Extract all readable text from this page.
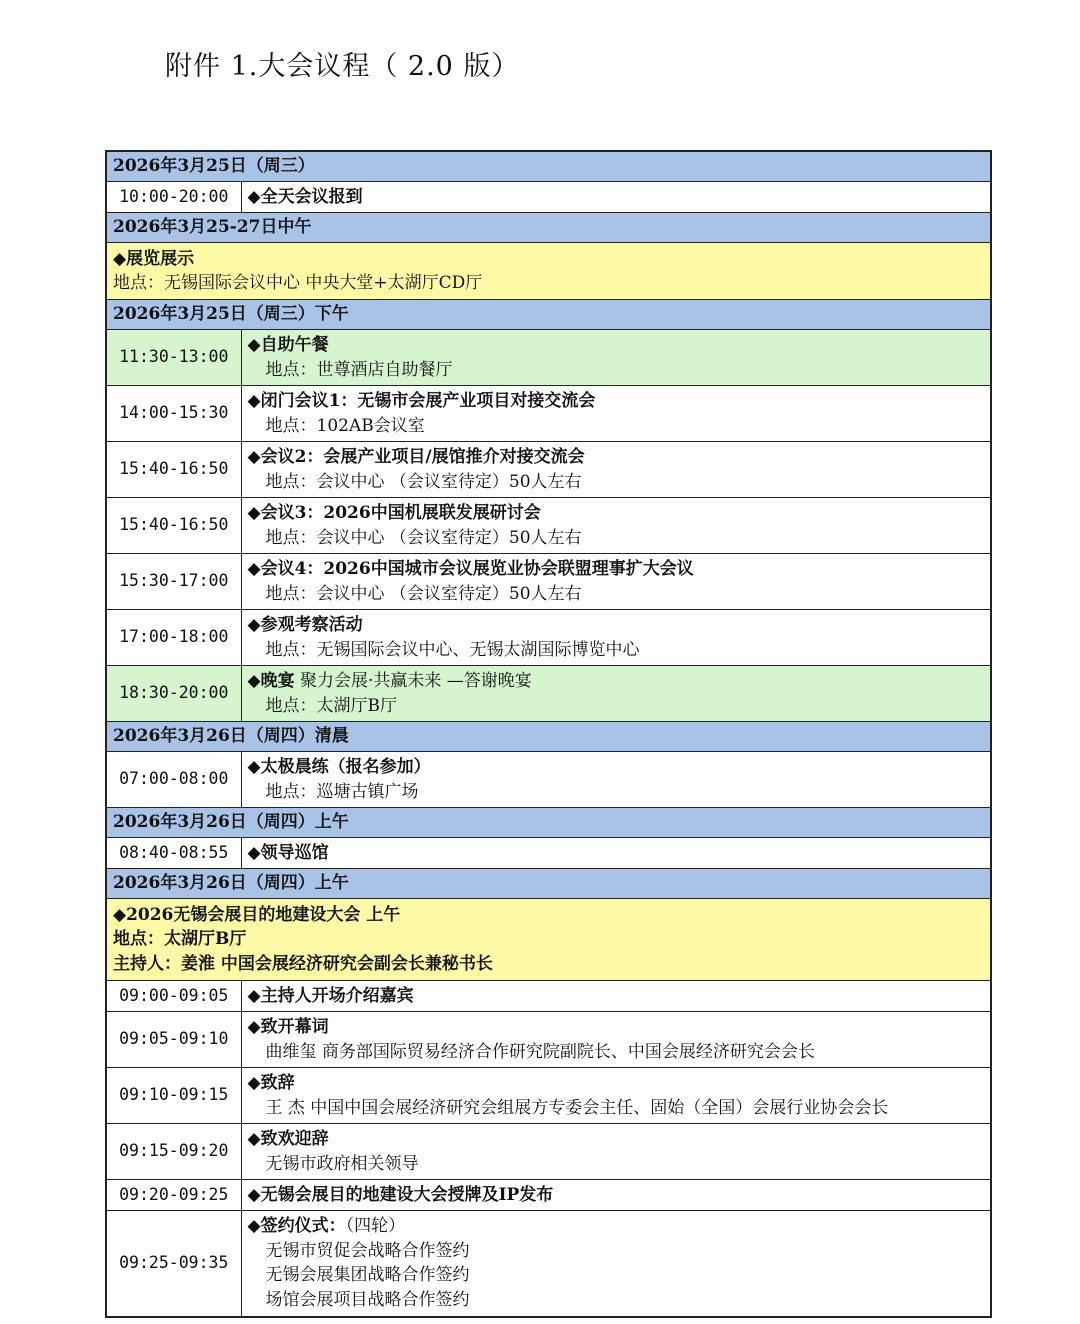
附件 1.大会议程（ 2.0 版）
2026年3月25日（周三）	
10:00-20:00	◆全天会议报到

2026年3月25-27日中午	

◆展览展示
地点：无锡国际会议中心 中央大堂+太湖厅CD厅	

2026年3月25日（周三）下午	
11:30-13:00	◆自助午餐
地点：世尊酒店自助餐厅

14:00-15:30	◆闭门会议1：无锡市会展产业项目对接交流会
地点：102AB会议室

15:40-16:50	◆会议2：会展产业项目/展馆推介对接交流会
地点：会议中心 （会议室待定）50人左右

15:40-16:50	◆会议3：2026中国机展联发展研讨会
地点：会议中心 （会议室待定）50人左右

15:30-17:00	◆会议4：2026中国城市会议展览业协会联盟理事扩大会议
地点：会议中心 （会议室待定）50人左右

17:00-18:00	◆参观考察活动
地点：无锡国际会议中心、无锡太湖国际博览中心

18:30-20:00	◆晚宴 聚力会展·共赢未来 —答谢晚宴
地点：太湖厅B厅

2026年3月26日（周四）清晨	
07:00-08:00	◆太极晨练（报名参加）
地点：巡塘古镇广场

2026年3月26日（周四）上午	
08:40-08:55	◆领导巡馆

2026年3月26日（周四）上午	

◆2026无锡会展目的地建设大会 上午
地点：太湖厅B厅
主持人：姜淮 中国会展经济研究会副会长兼秘书长	

09:00-09:05	◆主持人开场介绍嘉宾

09:05-09:10	◆致开幕词
曲维玺 商务部国际贸易经济合作研究院副院长、中国会展经济研究会会长

09:10-09:15	◆致辞
王 杰 中国中国会展经济研究会组展方专委会主任、固始（全国）会展行业协会会长

09:15-09:20	◆致欢迎辞
无锡市政府相关领导

09:20-09:25	◆无锡会展目的地建设大会授牌及IP发布

09:25-09:35	◆签约仪式：（四轮）
无锡市贸促会战略合作签约
无锡会展集团战略合作签约
场馆会展项目战略合作签约
